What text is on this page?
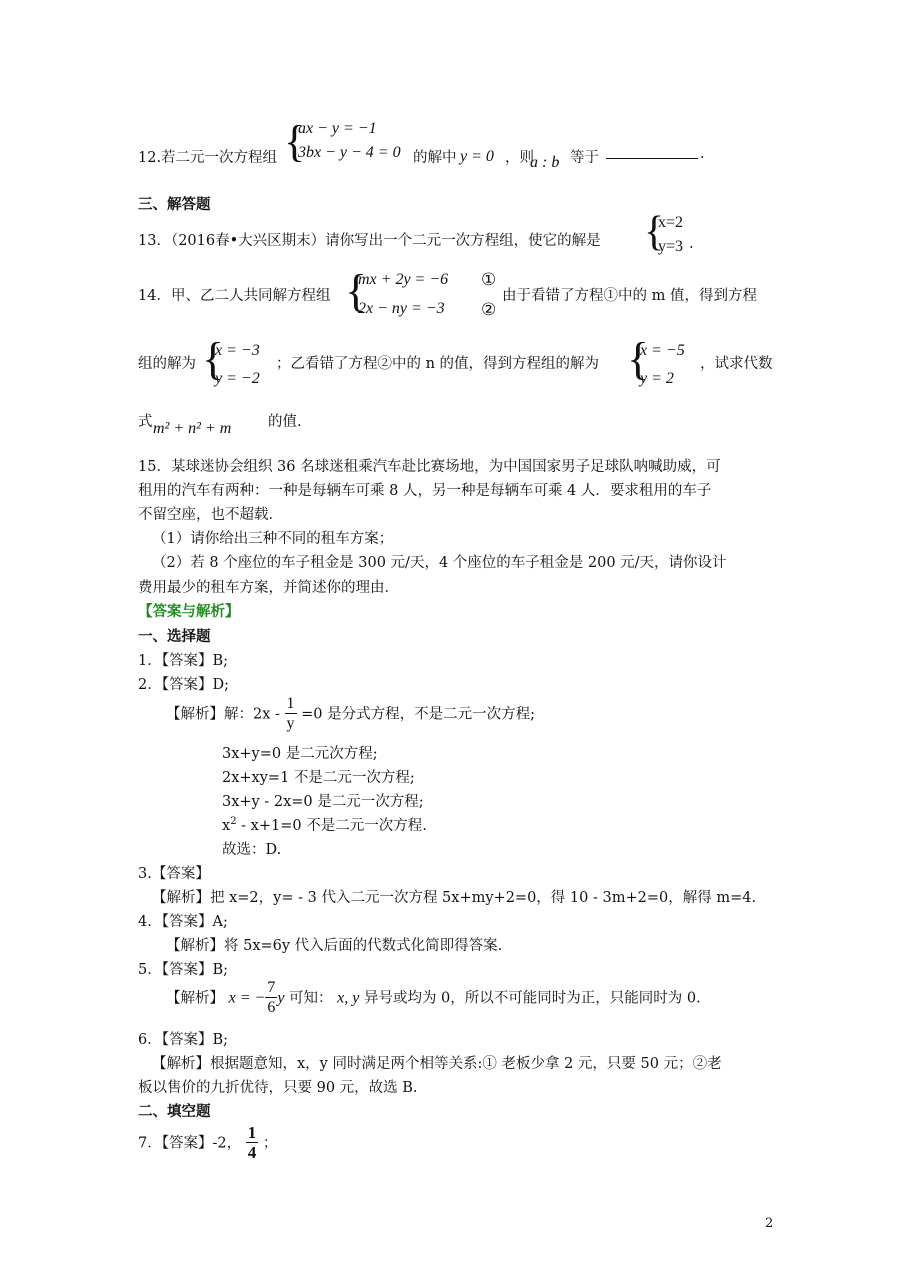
12.若二元一次方程组 {
ax − y = −1
3bx − y − 4 = 0 的解中 y = 0 ，则
a : b 等于	.
三、解答题
13．（2016春•大兴区期末）请你写出一个二元一次方程组，使它的解是 {
x=2
y=3 .
14．甲、乙二人共同解方程组 {
mx + 2y = −6
2x − ny = −3
①
②
由于看错了方程①中的 m 值，得到方程
组的解为 {
x = −3
y = −2
；乙看错了方程②中的 n 的值，得到方程组的解为 {
x = −5
y = 2
，试求代数
式 m² + n² + m	的值.
15．某球迷协会组织 36 名球迷租乘汽车赴比赛场地，为中国国家男子足球队呐喊助威，可
租用的汽车有两种：一种是每辆车可乘 8 人，另一种是每辆车可乘 4 人．要求租用的车子
不留空座，也不超载．
（1）请你给出三种不同的租车方案；
（2）若 8 个座位的车子租金是 300 元/天，4 个座位的车子租金是 200 元/天，请你设计
费用最少的租车方案，并简述你的理由．
【答案与解析】
一、选择题
1．【答案】B;
2．【答案】D;
【解析】解：$2x - \frac{1}{y} =0$ 是分式方程，不是二元一次方程;
3x+y=0 是二元次方程;
2x+xy=1 不是二元一次方程;
3x+y - 2x=0 是二元一次方程;
$x^2 - x+1=0$ 不是二元一次方程.
故选：D.
3.【答案】
【解析】把 x=2，y= - 3 代入二元一次方程 5x+my+2=0，得 10 - 3m+2=0，解得 m=4.
4．【答案】A;
【解析】将 5x=6y 代入后面的代数式化简即得答案.
5．【答案】B;
【解析】 x = − $\frac{7}{6}$ y 可知： x, y 异号或均为 0，所以不可能同时为正，只能同时为 0.
6．【答案】B;
【解析】根据题意知，x，y 同时满足两个相等关系:① 老板少拿 2 元，只要 50 元；②老
板以售价的九折优待，只要 90 元，故选 B.
二、填空题
7．【答案】-2， $\frac{1}{4}$ ；
2
